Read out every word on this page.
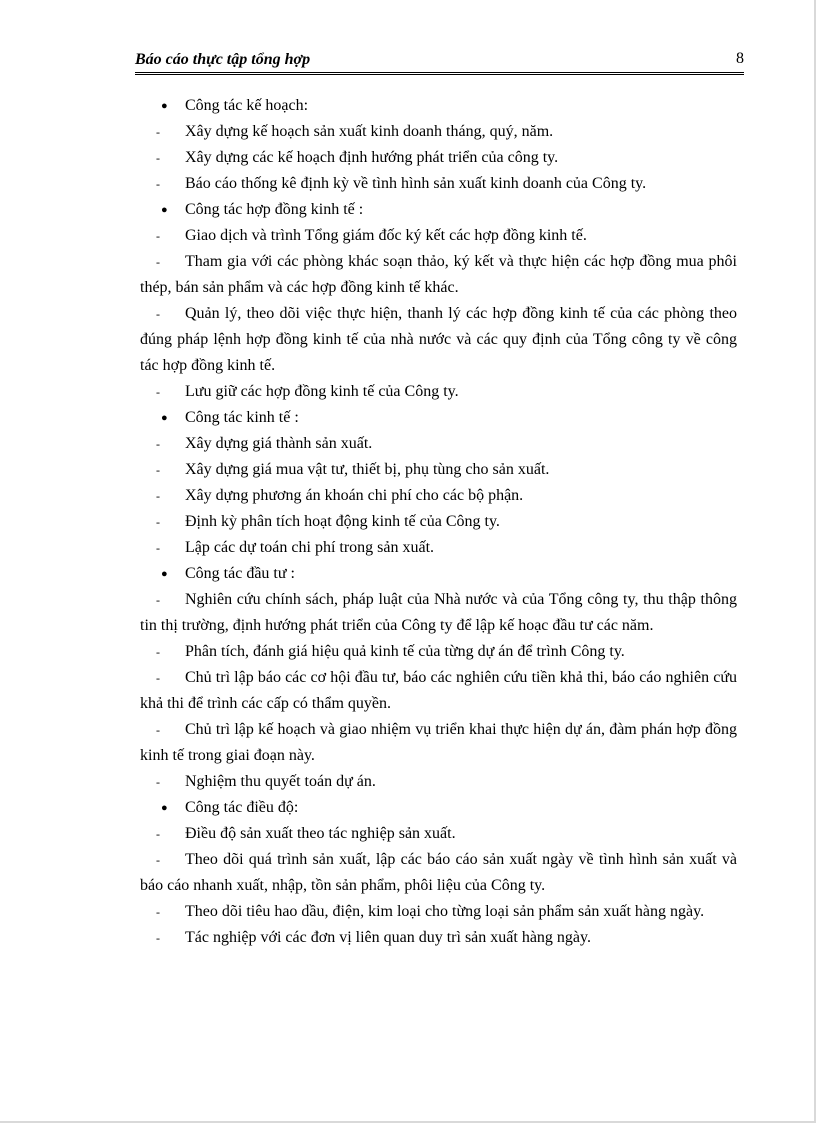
Báo cáo thực tập tổng hợp	8
● Công tác kế hoạch:
- Xây dựng kế hoạch sản xuất kinh doanh tháng, quý, năm.
- Xây dựng các kế hoạch định hướng phát triển của công ty.
- Báo cáo thống kê định kỳ về tình hình sản xuất kinh doanh của Công ty.
● Công tác hợp đồng kinh tế :
- Giao dịch và trình Tổng giám đốc ký kết các hợp đồng kinh tế.
- Tham gia với các phòng khác soạn thảo, ký kết và thực hiện các hợp đồng mua phôi thép, bán sản phẩm và các hợp đồng kinh tế khác.
- Quản lý, theo dõi việc thực hiện, thanh lý các hợp đồng kinh tế của các phòng theo đúng pháp lệnh hợp đồng kinh tế của nhà nước và các quy định của Tổng công ty về công tác hợp đồng kinh tế.
- Lưu giữ các hợp đồng kinh tế của Công ty.
● Công tác kinh tế :
- Xây dựng giá thành sản xuất.
- Xây dựng giá mua vật tư, thiết bị, phụ tùng cho sản xuất.
- Xây dựng phương án khoán chi phí cho các bộ phận.
- Định kỳ phân tích hoạt động kinh tế của Công ty.
- Lập các dự toán chi phí trong sản xuất.
● Công tác đầu tư :
- Nghiên cứu chính sách, pháp luật của Nhà nước và của Tổng công ty, thu thập thông tin thị trường, định hướng phát triển của Công ty để lập kế hoạc đầu tư các năm.
- Phân tích, đánh giá hiệu quả kinh tế của từng dự án để trình Công ty.
- Chủ trì lập báo các cơ hội đầu tư, báo các nghiên cứu tiền khả thi, báo cáo nghiên cứu khả thi để trình các cấp có thẩm quyền.
- Chủ trì lập kế hoạch và giao nhiệm vụ triển khai thực hiện dự án, đàm phán hợp đồng kinh tế trong giai đoạn này.
- Nghiệm thu quyết toán dự án.
● Công tác điều độ:
- Điều độ sản xuất theo tác nghiệp sản xuất.
- Theo dõi quá trình sản xuất, lập các báo cáo sản xuất ngày về tình hình sản xuất và báo cáo nhanh xuất, nhập, tồn sản phẩm, phôi liệu của Công ty.
- Theo dõi tiêu hao dầu, điện, kim loại cho từng loại sản phẩm sản xuất hàng ngày.
- Tác nghiệp với các đơn vị liên quan duy trì sản xuất hàng ngày.
